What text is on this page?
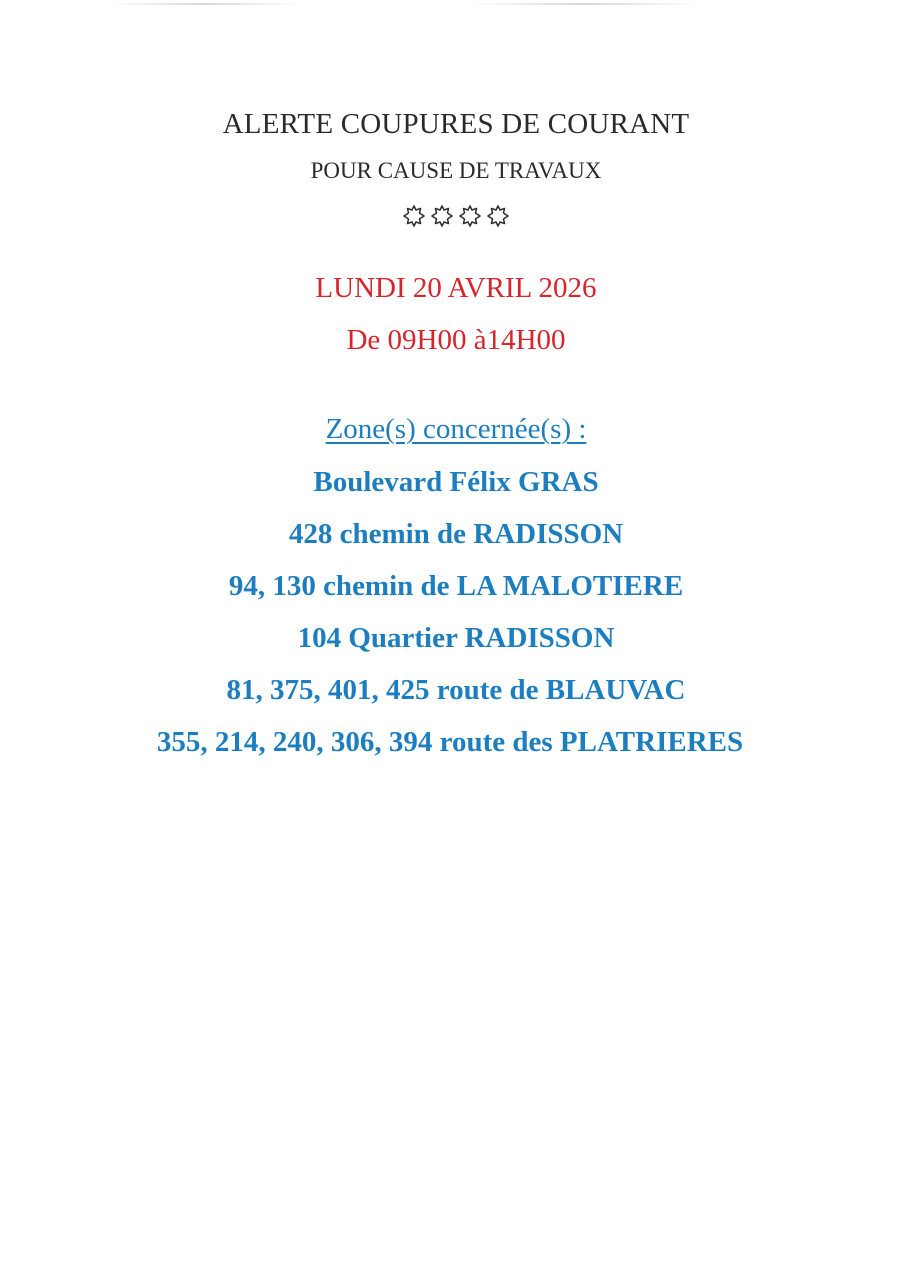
ALERTE COUPURES DE COURANT
POUR CAUSE DE TRAVAUX
LUNDI 20 AVRIL 2026
De 09H00 à14H00
Zone(s) concernée(s) :
Boulevard Félix GRAS
428 chemin de RADISSON
94, 130 chemin de LA MALOTIERE
104 Quartier RADISSON
81, 375, 401, 425 route de BLAUVAC
355, 214, 240, 306, 394 route des PLATRIERES
